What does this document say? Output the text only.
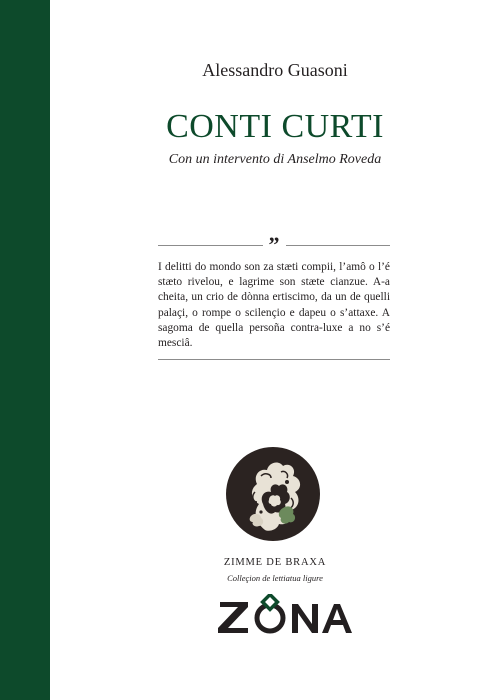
Alessandro Guasoni
CONTI CURTI
Con un intervento di Anselmo Roveda
”
I delitti do mondo son za stæti compii, l’amô o l’é stæto rivelou, e lagrime son stæte cianzue. A-a cheita, un crio de dònna ertiscimo, da un de quelli palaçi, o rompe o scilençio e dapeu o s’attaxe. A sagoma de quella persoña contra-luxe a no s’é mesciâ.
ZIMME DE BRAXA
Colleçion de lettiatua ligure
